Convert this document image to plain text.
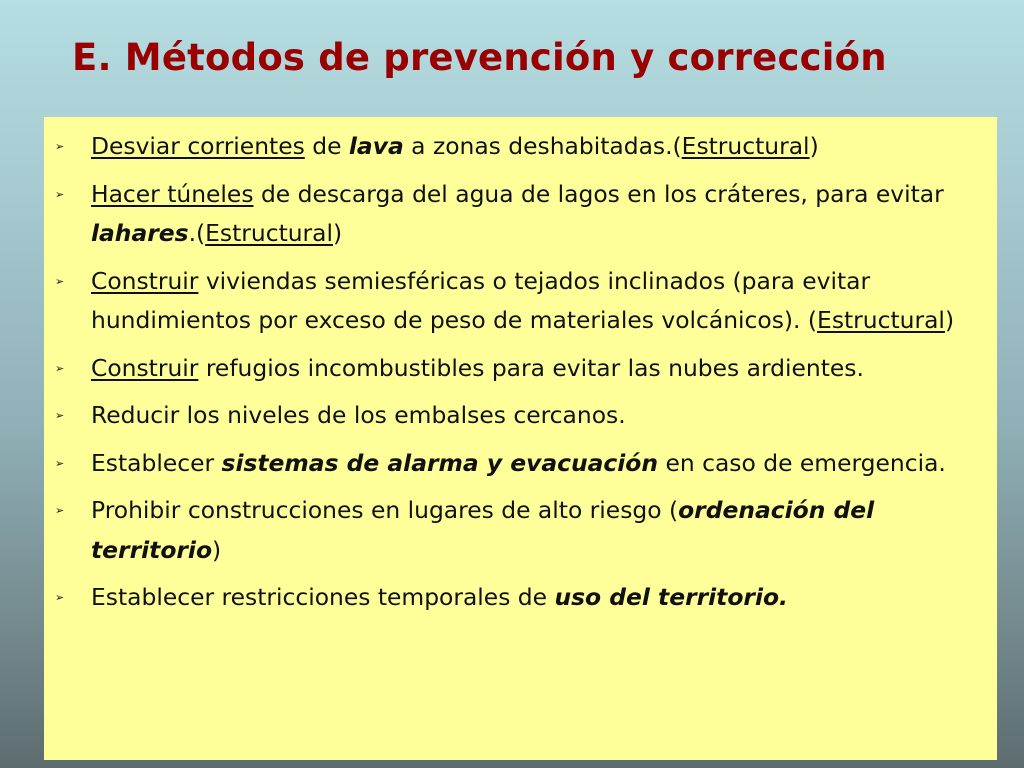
E. Métodos de prevención y corrección
➢ Desviar corrientes de lava a zonas deshabitadas.(Estructural)
➢ Hacer túneles de descarga del agua de lagos en los cráteres, para evitar lahares.(Estructural)
➢ Construir viviendas semiesféricas o tejados inclinados (para evitar hundimientos por exceso de peso de materiales volcánicos). (Estructural)
➢ Construir refugios incombustibles para evitar las nubes ardientes.
➢ Reducir los niveles de los embalses cercanos.
➢ Establecer sistemas de alarma y evacuación en caso de emergencia.
➢ Prohibir construcciones en lugares de alto riesgo (ordenación del territorio)
➢ Establecer restricciones temporales de uso del territorio.
